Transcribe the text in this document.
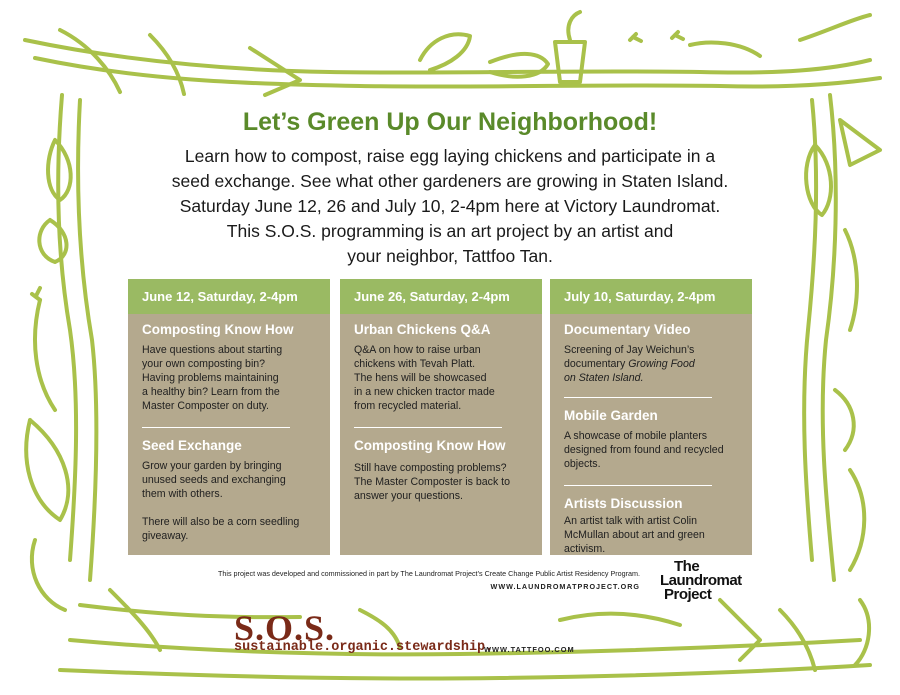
Let’s Green Up Our Neighborhood!
Learn how to compost, raise egg laying chickens and participate in a
seed exchange. See what other gardeners are growing in Staten Island.
Saturday June 12, 26 and July 10, 2-4pm here at Victory Laundromat.
This S.O.S. programming is an art project by an artist and
your neighbor, Tattfoo Tan.
June 12, Saturday, 2-4pm

Composting Know How

Have questions about starting
your own composting bin?
Having problems maintaining
a healthy bin? Learn from the
Master Composter on duty.

Seed Exchange

Grow your garden by bringing
unused seeds and exchanging
them with others.

There will also be a corn seedling
giveaway.

June 26, Saturday, 2-4pm

Urban Chickens Q&A

Q&A on how to raise urban
chickens with Tevah Platt.
The hens will be showcased
in a new chicken tractor made
from recycled material.

Composting Know How

Still have composting problems?
The Master Composter is back to
answer your questions.

July 10, Saturday, 2-4pm

Documentary Video

Screening of Jay Weichun’s
documentary Growing Food
on Staten Island.

Mobile Garden

A showcase of mobile planters
designed from found and recycled
objects.

Artists Discussion

An artist talk with artist Colin
McMullan about art and green
activism.

This project was developed and commissioned in part by The Laundromat Project’s Create Change Public Artist Residency Program.
WWW.LAUNDROMATPROJECT.ORG
The
Laundromat
Project
S.O.S.
sustainable.organic.stewardship.
WWW.TATTFOO.COM
